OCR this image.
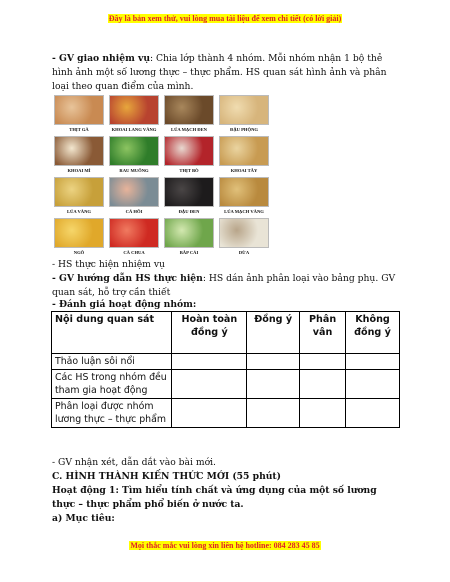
Đây là bản xem thử, vui lòng mua tài liệu để xem chi tiết (có lời giải)
- GV giao nhiệm vụ: Chia lớp thành 4 nhóm. Mỗi nhóm nhận 1 bộ thẻ hình ảnh một số lương thực – thực phẩm. HS quan sát hình ảnh và phân loại theo quan điểm của mình.
THỊT GÀ	KHOAI LANG VÀNG	LÚA MẠCH ĐEN	ĐẬU PHỘNG
KHOAI MÌ	RAU MUỐNG	THỊT BÒ	KHOAI TÂY
LÚA VÀNG	CÁ HỒI	ĐẬU ĐEN	LÚA MẠCH VÀNG
NGÔ	CÀ CHUA	BẮP CẢI	DỪA
- HS thực hiện nhiệm vụ
- GV hướng dẫn HS thực hiện: HS dán ảnh phân loại vào bảng phụ. GV quan sát, hỗ trợ cần thiết
- Đánh giá hoạt động nhóm:
Nội dung quan sát	Hoàn toàn đồng ý	Đồng ý	Phân vân	Không đồng ý
Thảo luận sôi nổi				
Các HS trong nhóm đều tham gia hoạt động				
Phân loại được nhóm lương thực – thực phẩm				
- GV nhận xét, dẫn dắt vào bài mới.
C. HÌNH THÀNH KIẾN THỨC MỚI (55 phút)
Hoạt động 1: Tìm hiểu tính chất và ứng dụng của một số lương thực – thực phẩm phổ biến ở nước ta.
a) Mục tiêu:
Mọi thắc mắc vui lòng xin liên hệ hotline: 084 283 45 85
